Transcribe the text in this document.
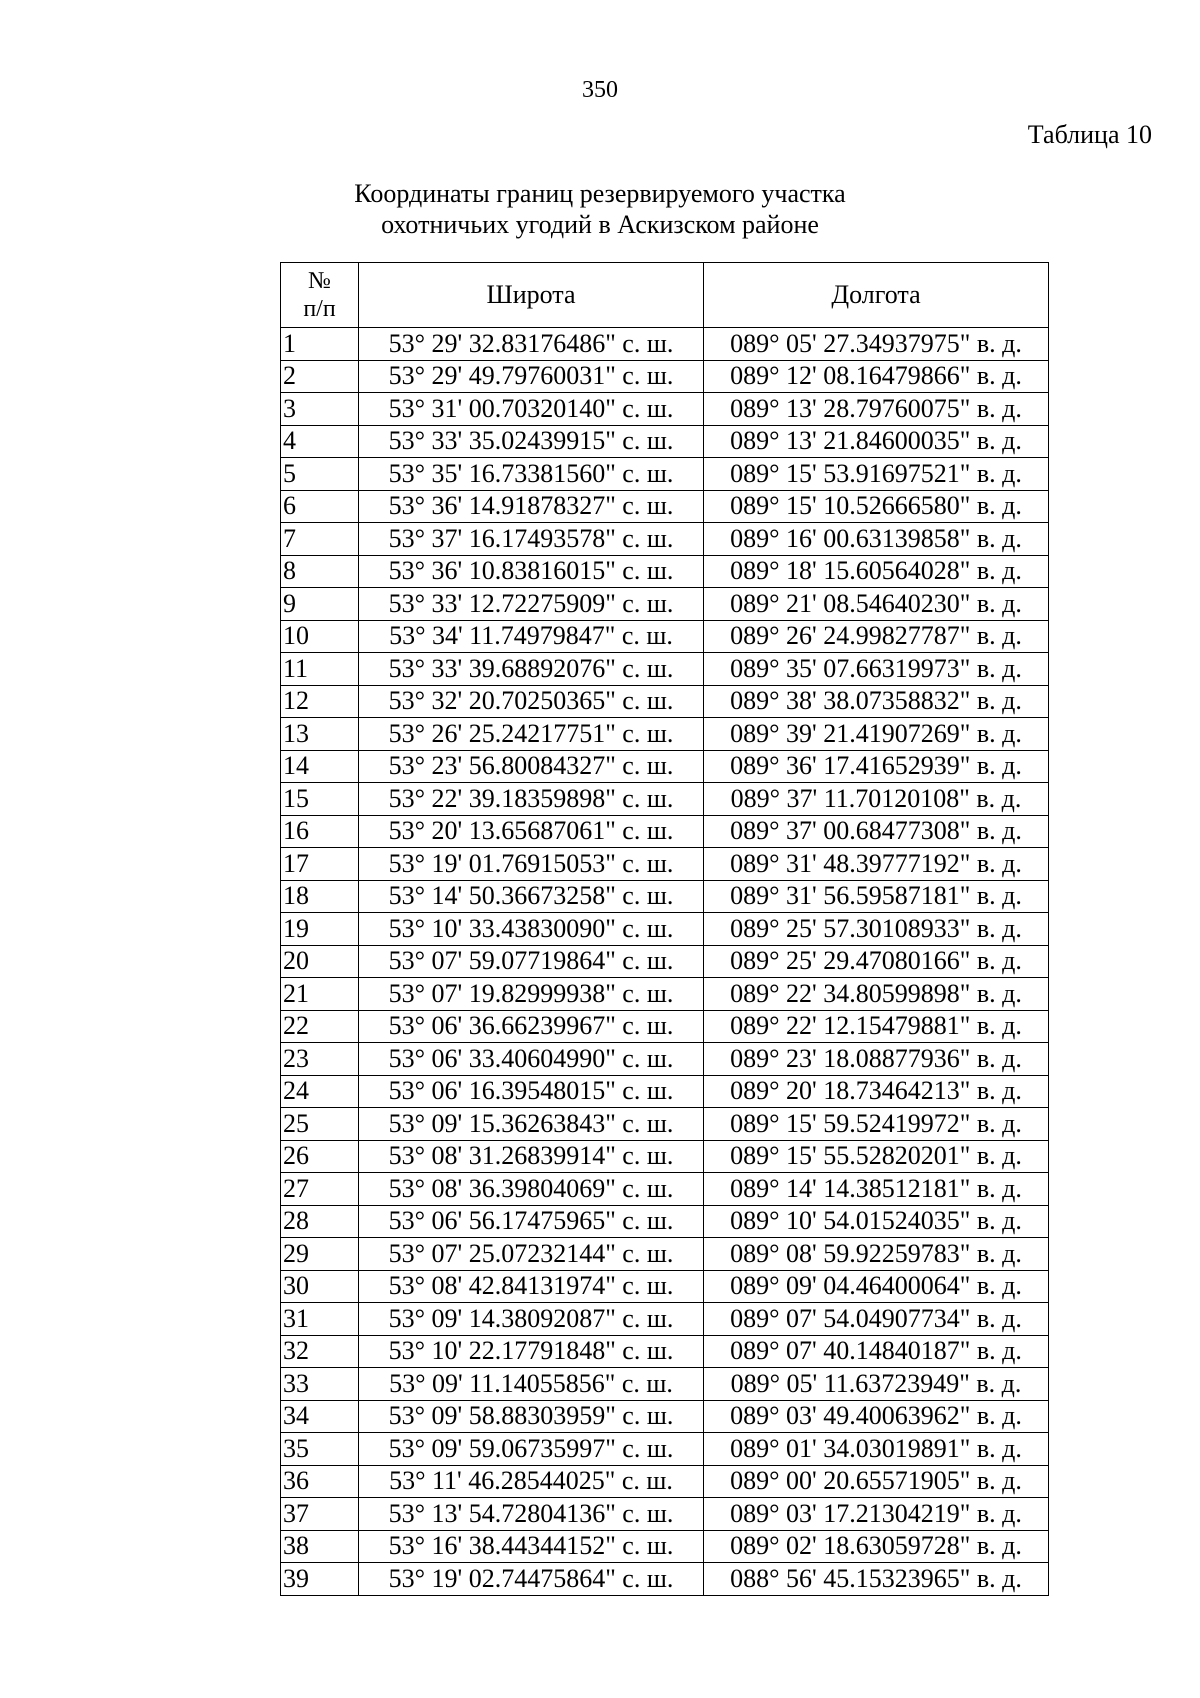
350
Таблица 10
Координаты границ резервируемого участка
охотничьих угодий в Аскизском районе
№
п/п	Широта	Долгота
1	53° 29' 32.83176486" с. ш.	089° 05' 27.34937975" в. д.
2	53° 29' 49.79760031" с. ш.	089° 12' 08.16479866" в. д.
3	53° 31' 00.70320140" с. ш.	089° 13' 28.79760075" в. д.
4	53° 33' 35.02439915" с. ш.	089° 13' 21.84600035" в. д.
5	53° 35' 16.73381560" с. ш.	089° 15' 53.91697521" в. д.
6	53° 36' 14.91878327" с. ш.	089° 15' 10.52666580" в. д.
7	53° 37' 16.17493578" с. ш.	089° 16' 00.63139858" в. д.
8	53° 36' 10.83816015" с. ш.	089° 18' 15.60564028" в. д.
9	53° 33' 12.72275909" с. ш.	089° 21' 08.54640230" в. д.
10	53° 34' 11.74979847" с. ш.	089° 26' 24.99827787" в. д.
11	53° 33' 39.68892076" с. ш.	089° 35' 07.66319973" в. д.
12	53° 32' 20.70250365" с. ш.	089° 38' 38.07358832" в. д.
13	53° 26' 25.24217751" с. ш.	089° 39' 21.41907269" в. д.
14	53° 23' 56.80084327" с. ш.	089° 36' 17.41652939" в. д.
15	53° 22' 39.18359898" с. ш.	089° 37' 11.70120108" в. д.
16	53° 20' 13.65687061" с. ш.	089° 37' 00.68477308" в. д.
17	53° 19' 01.76915053" с. ш.	089° 31' 48.39777192" в. д.
18	53° 14' 50.36673258" с. ш.	089° 31' 56.59587181" в. д.
19	53° 10' 33.43830090" с. ш.	089° 25' 57.30108933" в. д.
20	53° 07' 59.07719864" с. ш.	089° 25' 29.47080166" в. д.
21	53° 07' 19.82999938" с. ш.	089° 22' 34.80599898" в. д.
22	53° 06' 36.66239967" с. ш.	089° 22' 12.15479881" в. д.
23	53° 06' 33.40604990" с. ш.	089° 23' 18.08877936" в. д.
24	53° 06' 16.39548015" с. ш.	089° 20' 18.73464213" в. д.
25	53° 09' 15.36263843" с. ш.	089° 15' 59.52419972" в. д.
26	53° 08' 31.26839914" с. ш.	089° 15' 55.52820201" в. д.
27	53° 08' 36.39804069" с. ш.	089° 14' 14.38512181" в. д.
28	53° 06' 56.17475965" с. ш.	089° 10' 54.01524035" в. д.
29	53° 07' 25.07232144" с. ш.	089° 08' 59.92259783" в. д.
30	53° 08' 42.84131974" с. ш.	089° 09' 04.46400064" в. д.
31	53° 09' 14.38092087" с. ш.	089° 07' 54.04907734" в. д.
32	53° 10' 22.17791848" с. ш.	089° 07' 40.14840187" в. д.
33	53° 09' 11.14055856" с. ш.	089° 05' 11.63723949" в. д.
34	53° 09' 58.88303959" с. ш.	089° 03' 49.40063962" в. д.
35	53° 09' 59.06735997" с. ш.	089° 01' 34.03019891" в. д.
36	53° 11' 46.28544025" с. ш.	089° 00' 20.65571905" в. д.
37	53° 13' 54.72804136" с. ш.	089° 03' 17.21304219" в. д.
38	53° 16' 38.44344152" с. ш.	089° 02' 18.63059728" в. д.
39	53° 19' 02.74475864" с. ш.	088° 56' 45.15323965" в. д.
